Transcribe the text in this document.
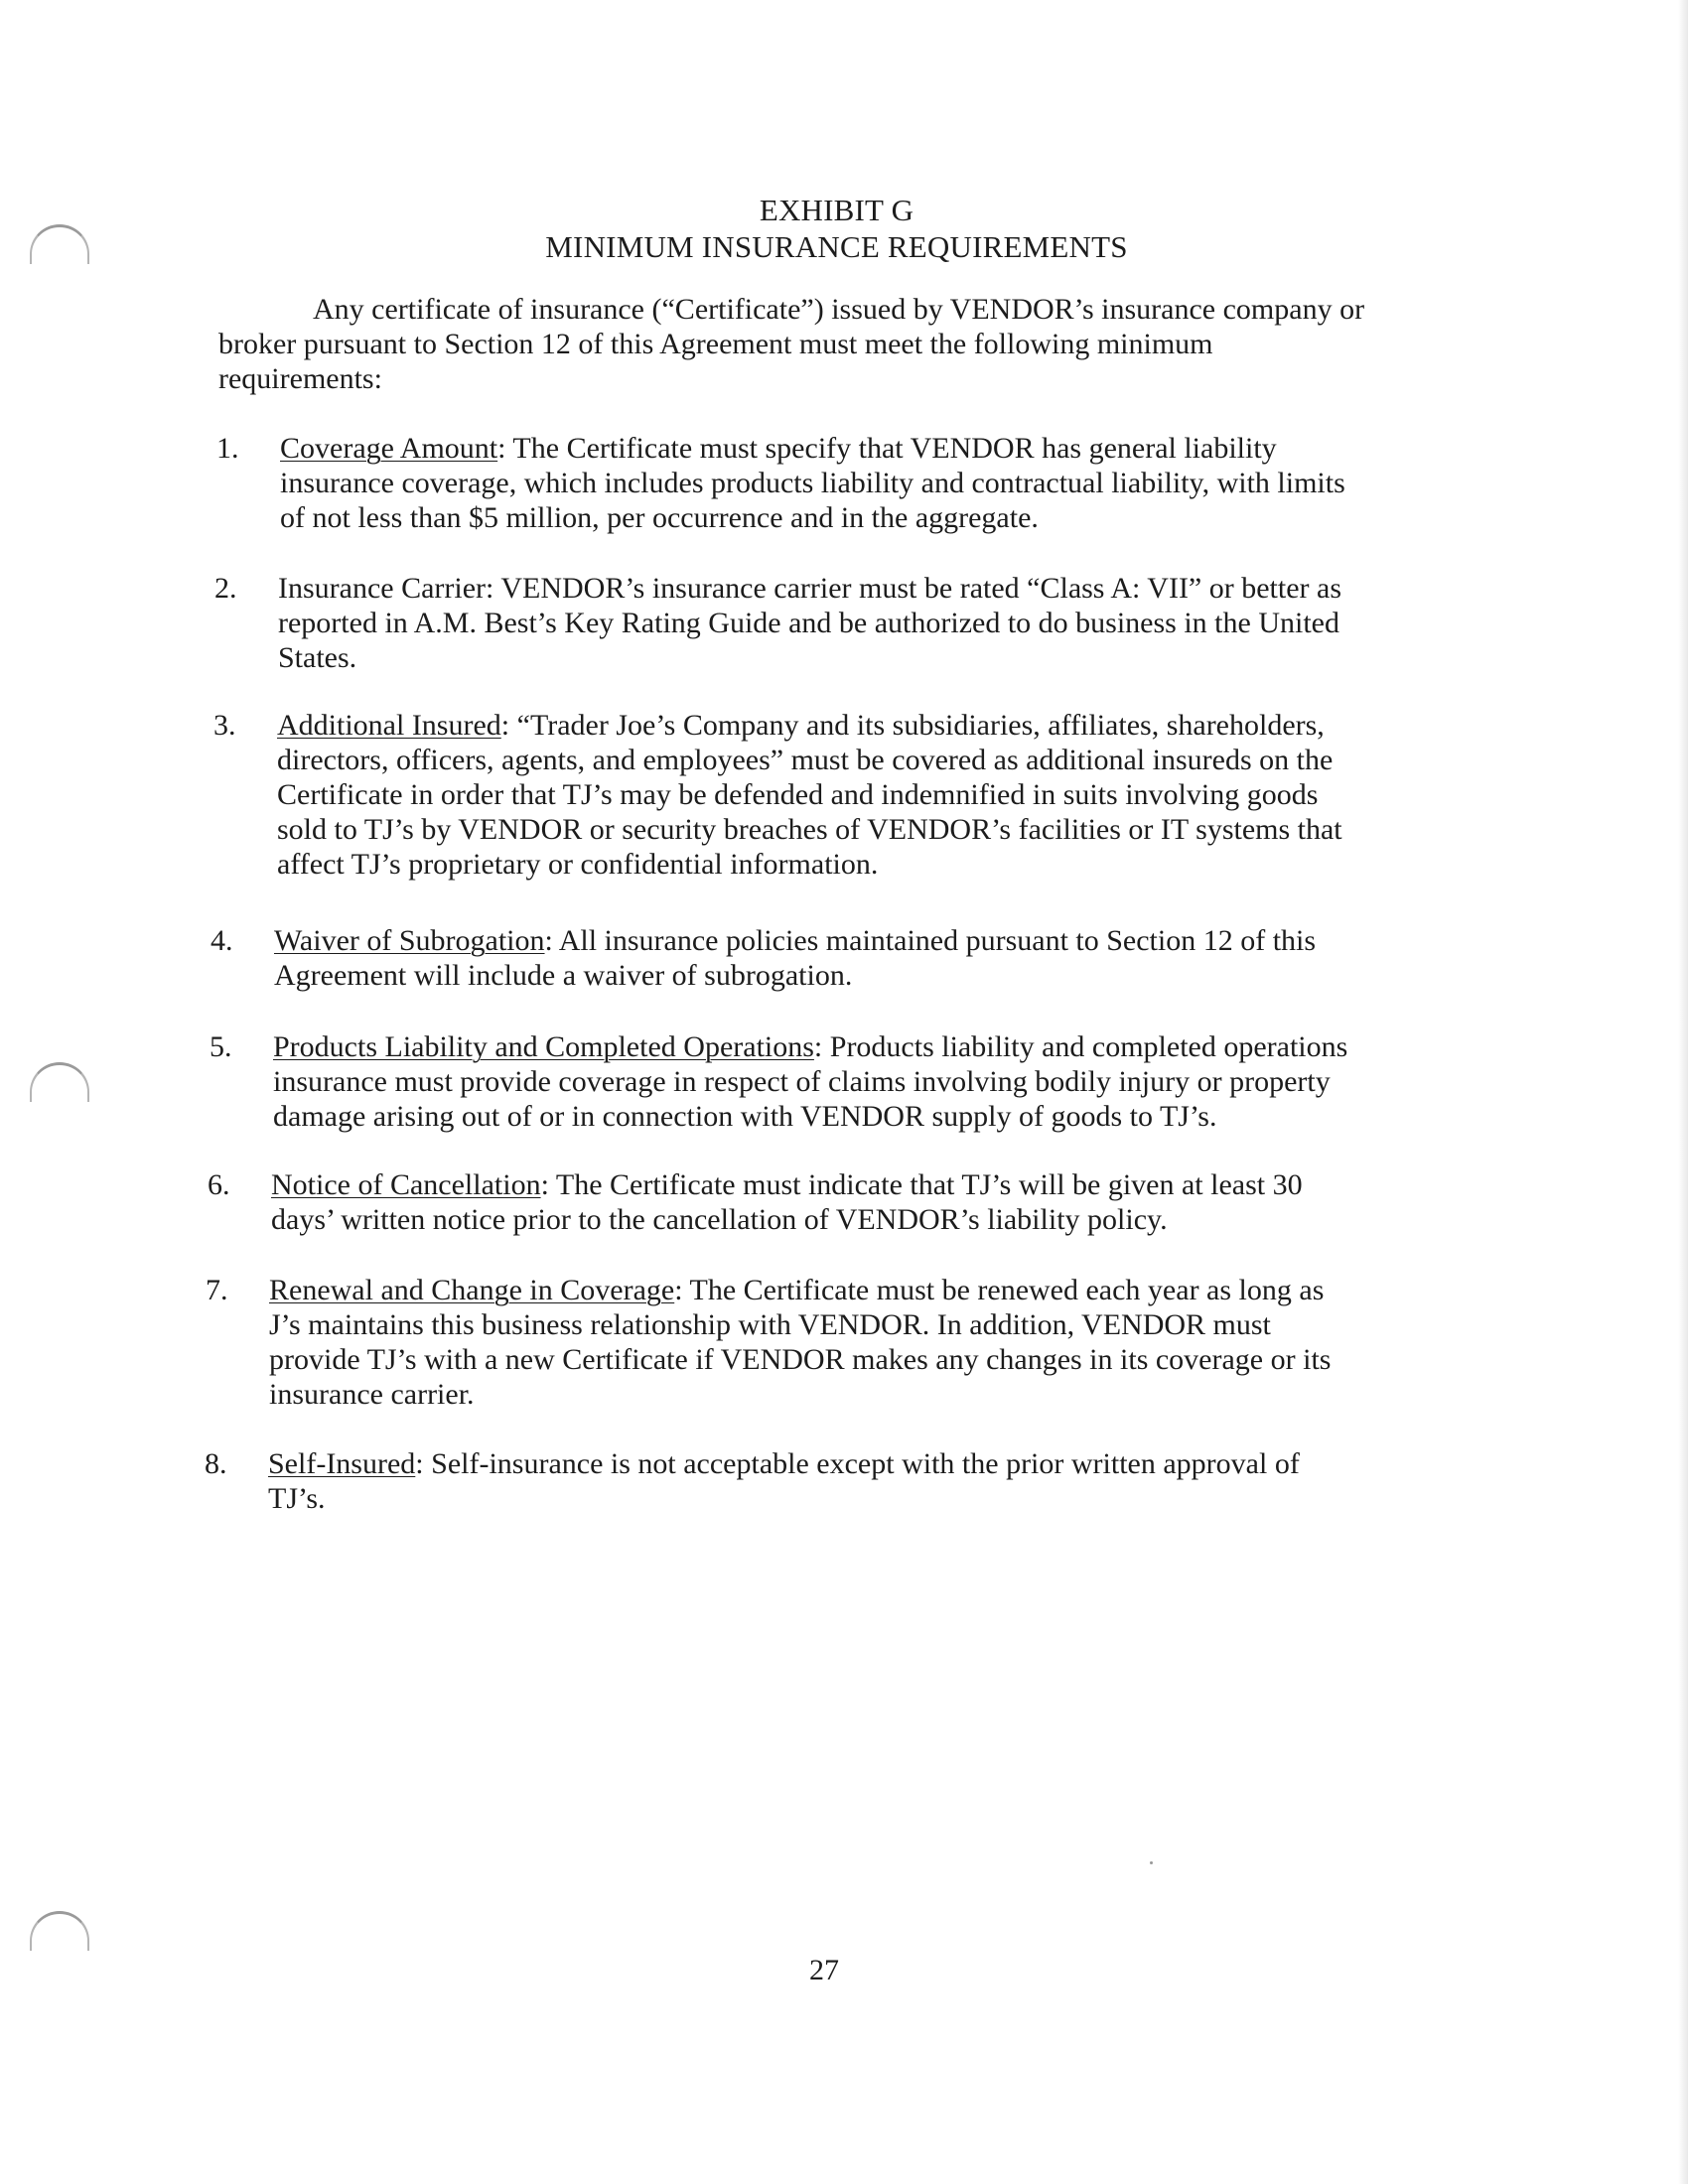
EXHIBIT G
MINIMUM INSURANCE REQUIREMENTS
Any certificate of insurance (“Certificate”) issued by VENDOR’s insurance company or
broker pursuant to Section 12 of this Agreement must meet the following minimum
requirements:
1. Coverage Amount: The Certificate must specify that VENDOR has general liability
insurance coverage, which includes products liability and contractual liability, with limits
of not less than $5 million, per occurrence and in the aggregate.
2. Insurance Carrier: VENDOR’s insurance carrier must be rated “Class A: VII” or better as
reported in A.M. Best’s Key Rating Guide and be authorized to do business in the United
States.
3. Additional Insured: “Trader Joe’s Company and its subsidiaries, affiliates, shareholders,
directors, officers, agents, and employees” must be covered as additional insureds on the
Certificate in order that TJ’s may be defended and indemnified in suits involving goods
sold to TJ’s by VENDOR or security breaches of VENDOR’s facilities or IT systems that
affect TJ’s proprietary or confidential information.
4. Waiver of Subrogation: All insurance policies maintained pursuant to Section 12 of this
Agreement will include a waiver of subrogation.
5. Products Liability and Completed Operations: Products liability and completed operations
insurance must provide coverage in respect of claims involving bodily injury or property
damage arising out of or in connection with VENDOR supply of goods to TJ’s.
6. Notice of Cancellation: The Certificate must indicate that TJ’s will be given at least 30
days’ written notice prior to the cancellation of VENDOR’s liability policy.
7. Renewal and Change in Coverage: The Certificate must be renewed each year as long as
J’s maintains this business relationship with VENDOR. In addition, VENDOR must
provide TJ’s with a new Certificate if VENDOR makes any changes in its coverage or its
insurance carrier.
8. Self-Insured: Self-insurance is not acceptable except with the prior written approval of
TJ’s.
27
